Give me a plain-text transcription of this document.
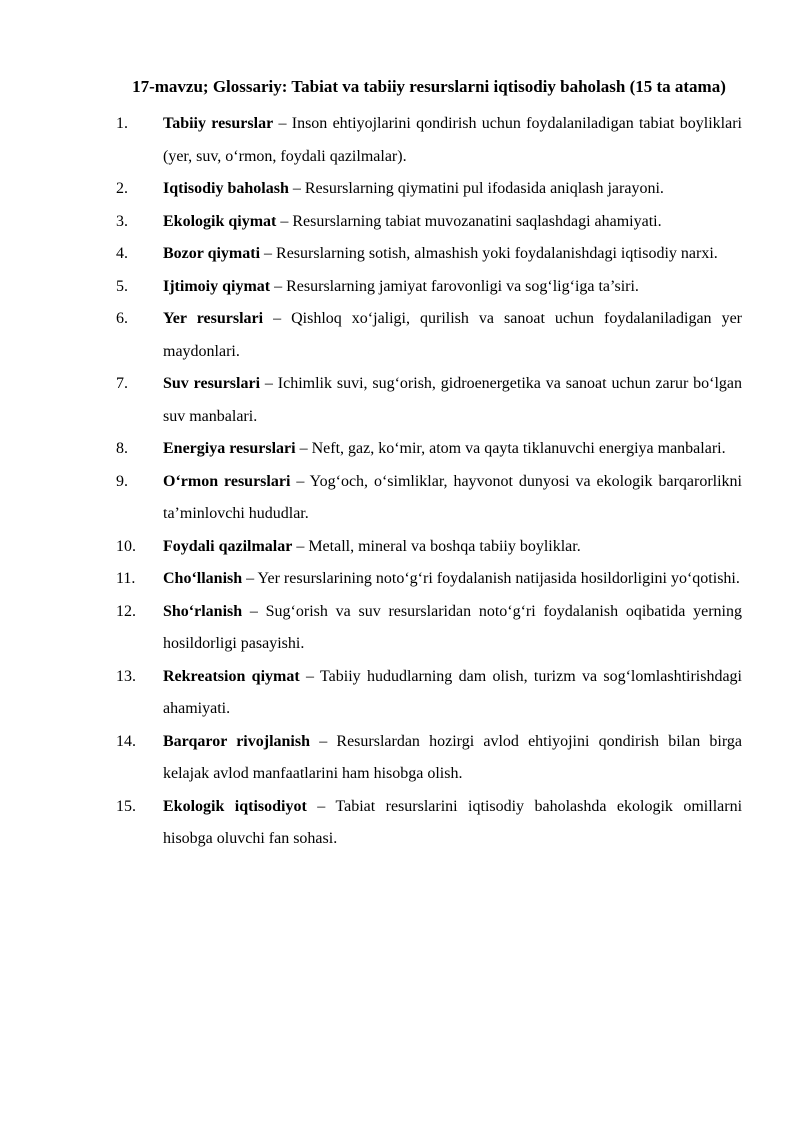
17-mavzu; Glossariy: Tabiat va tabiiy resurslarni iqtisodiy baholash (15 ta atama)
1.	Tabiiy resurslar – Inson ehtiyojlarini qondirish uchun foydalaniladigan tabiat boyliklari (yer, suv, o‘rmon, foydali qazilmalar).
2.	Iqtisodiy baholash – Resurslarning qiymatini pul ifodasida aniqlash jarayoni.
3.	Ekologik qiymat – Resurslarning tabiat muvozanatini saqlashdagi ahamiyati.
4.	Bozor qiymati – Resurslarning sotish, almashish yoki foydalanishdagi iqtisodiy narxi.
5.	Ijtimoiy qiymat – Resurslarning jamiyat farovonligi va sog‘lig‘iga ta’siri.
6.	Yer resurslari – Qishloq xo‘jaligi, qurilish va sanoat uchun foydalaniladigan yer maydonlari.
7.	Suv resurslari – Ichimlik suvi, sug‘orish, gidroenergetika va sanoat uchun zarur bo‘lgan suv manbalari.
8.	Energiya resurslari – Neft, gaz, ko‘mir, atom va qayta tiklanuvchi energiya manbalari.
9.	O‘rmon resurslari – Yog‘och, o‘simliklar, hayvonot dunyosi va ekologik barqarorlikni ta’minlovchi hududlar.
10.	Foydali qazilmalar – Metall, mineral va boshqa tabiiy boyliklar.
11.	Cho‘llanish – Yer resurslarining noto‘g‘ri foydalanish natijasida hosildorligini yo‘qotishi.
12.	Sho‘rlanish – Sug‘orish va suv resurslaridan noto‘g‘ri foydalanish oqibatida yerning hosildorligi pasayishi.
13.	Rekreatsion qiymat – Tabiiy hududlarning dam olish, turizm va sog‘lomlashtirishdagi ahamiyati.
14.	Barqaror rivojlanish – Resurslardan hozirgi avlod ehtiyojini qondirish bilan birga kelajak avlod manfaatlarini ham hisobga olish.
15.	Ekologik iqtisodiyot – Tabiat resurslarini iqtisodiy baholashda ekologik omillarni hisobga oluvchi fan sohasi.
